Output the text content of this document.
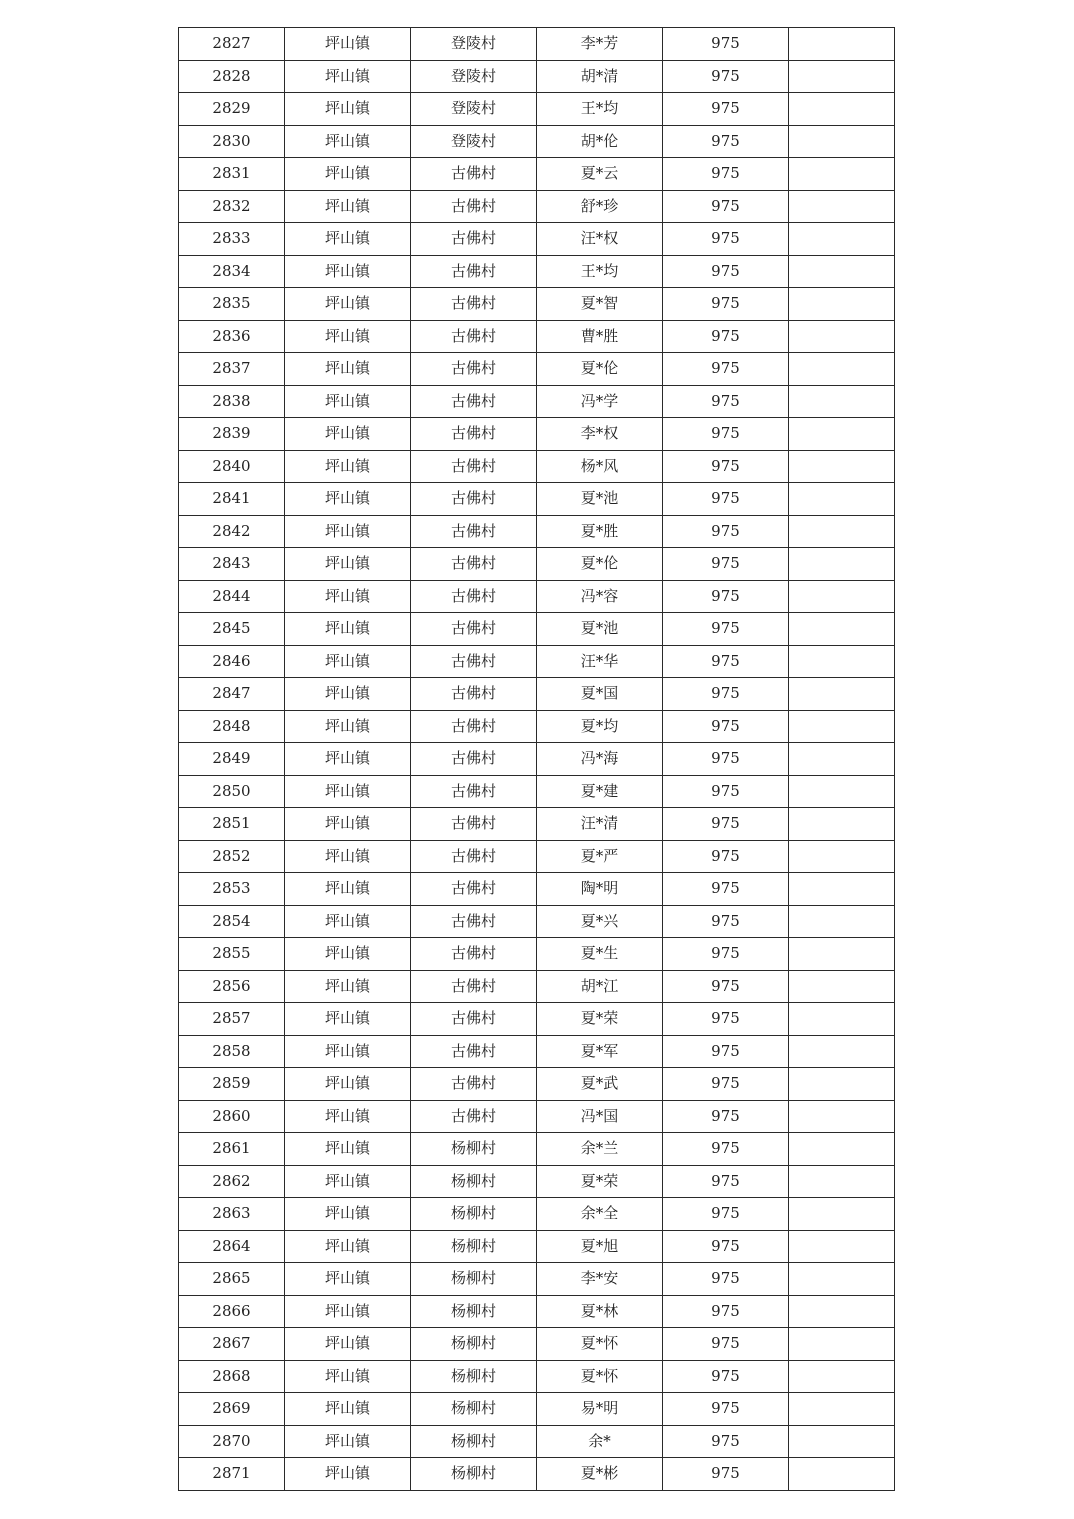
2827	坪山镇	登陵村	李*芳	975	
2828	坪山镇	登陵村	胡*清	975	
2829	坪山镇	登陵村	王*均	975	
2830	坪山镇	登陵村	胡*伦	975	
2831	坪山镇	古佛村	夏*云	975	
2832	坪山镇	古佛村	舒*珍	975	
2833	坪山镇	古佛村	汪*权	975	
2834	坪山镇	古佛村	王*均	975	
2835	坪山镇	古佛村	夏*智	975	
2836	坪山镇	古佛村	曹*胜	975	
2837	坪山镇	古佛村	夏*伦	975	
2838	坪山镇	古佛村	冯*学	975	
2839	坪山镇	古佛村	李*权	975	
2840	坪山镇	古佛村	杨*风	975	
2841	坪山镇	古佛村	夏*池	975	
2842	坪山镇	古佛村	夏*胜	975	
2843	坪山镇	古佛村	夏*伦	975	
2844	坪山镇	古佛村	冯*容	975	
2845	坪山镇	古佛村	夏*池	975	
2846	坪山镇	古佛村	汪*华	975	
2847	坪山镇	古佛村	夏*国	975	
2848	坪山镇	古佛村	夏*均	975	
2849	坪山镇	古佛村	冯*海	975	
2850	坪山镇	古佛村	夏*建	975	
2851	坪山镇	古佛村	汪*清	975	
2852	坪山镇	古佛村	夏*严	975	
2853	坪山镇	古佛村	陶*明	975	
2854	坪山镇	古佛村	夏*兴	975	
2855	坪山镇	古佛村	夏*生	975	
2856	坪山镇	古佛村	胡*江	975	
2857	坪山镇	古佛村	夏*荣	975	
2858	坪山镇	古佛村	夏*军	975	
2859	坪山镇	古佛村	夏*武	975	
2860	坪山镇	古佛村	冯*国	975	
2861	坪山镇	杨柳村	余*兰	975	
2862	坪山镇	杨柳村	夏*荣	975	
2863	坪山镇	杨柳村	余*全	975	
2864	坪山镇	杨柳村	夏*旭	975	
2865	坪山镇	杨柳村	李*安	975	
2866	坪山镇	杨柳村	夏*林	975	
2867	坪山镇	杨柳村	夏*怀	975	
2868	坪山镇	杨柳村	夏*怀	975	
2869	坪山镇	杨柳村	易*明	975	
2870	坪山镇	杨柳村	余*	975	
2871	坪山镇	杨柳村	夏*彬	975	
